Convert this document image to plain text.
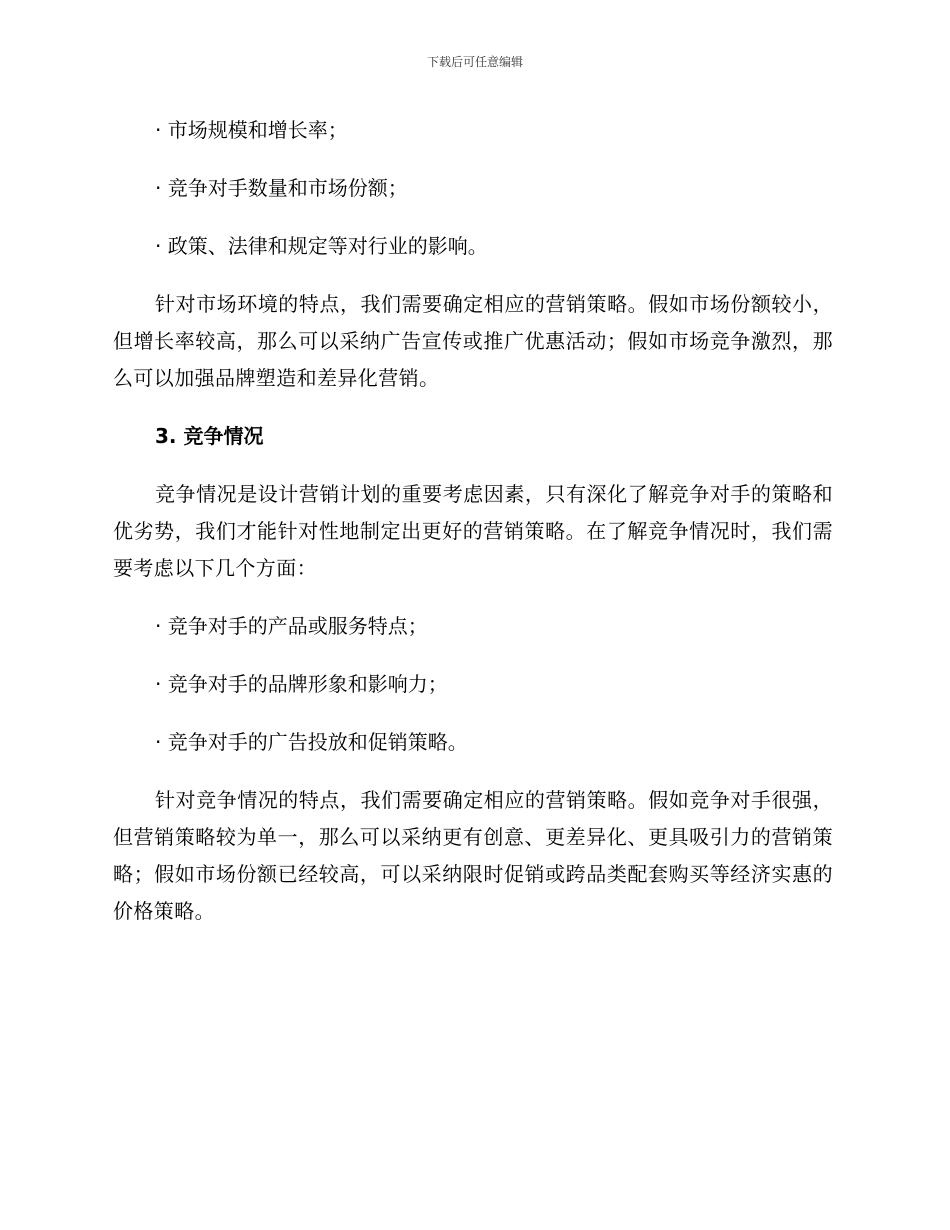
下载后可任意编辑
· 市场规模和增长率；
· 竞争对手数量和市场份额；
· 政策、法律和规定等对行业的影响。
针对市场环境的特点，我们需要确定相应的营销策略。假如市场份额较小，但增长率较高，那么可以采纳广告宣传或推广优惠活动；假如市场竞争激烈，那么可以加强品牌塑造和差异化营销。
3. 竞争情况
竞争情况是设计营销计划的重要考虑因素，只有深化了解竞争对手的策略和优劣势，我们才能针对性地制定出更好的营销策略。在了解竞争情况时，我们需要考虑以下几个方面：
· 竞争对手的产品或服务特点；
· 竞争对手的品牌形象和影响力；
· 竞争对手的广告投放和促销策略。
针对竞争情况的特点，我们需要确定相应的营销策略。假如竞争对手很强，但营销策略较为单一，那么可以采纳更有创意、更差异化、更具吸引力的营销策略；假如市场份额已经较高，可以采纳限时促销或跨品类配套购买等经济实惠的价格策略。
